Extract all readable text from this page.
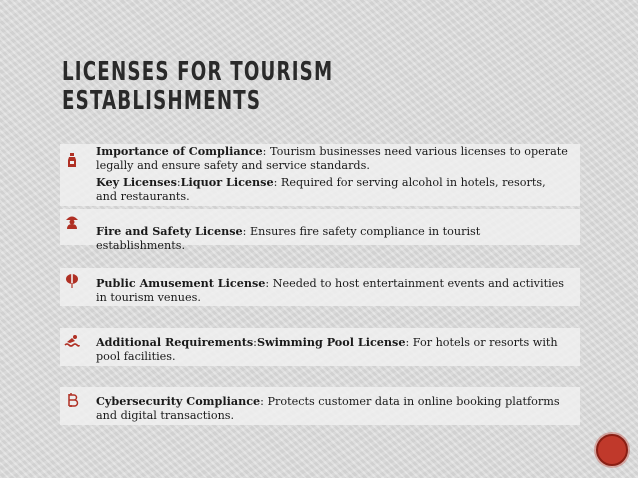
LICENSES FOR TOURISM
ESTABLISHMENTS
Importance of Compliance: Tourism businesses need various licenses to operate legally and ensure safety and service standards.
Key Licenses:Liquor License: Required for serving alcohol in hotels, resorts, and restaurants.
Fire and Safety License: Ensures fire safety compliance in tourist establishments.
Public Amusement License: Needed to host entertainment events and activities in tourism venues.
Additional Requirements:Swimming Pool License: For hotels or resorts with pool facilities.
Cybersecurity Compliance: Protects customer data in online booking platforms and digital transactions.
